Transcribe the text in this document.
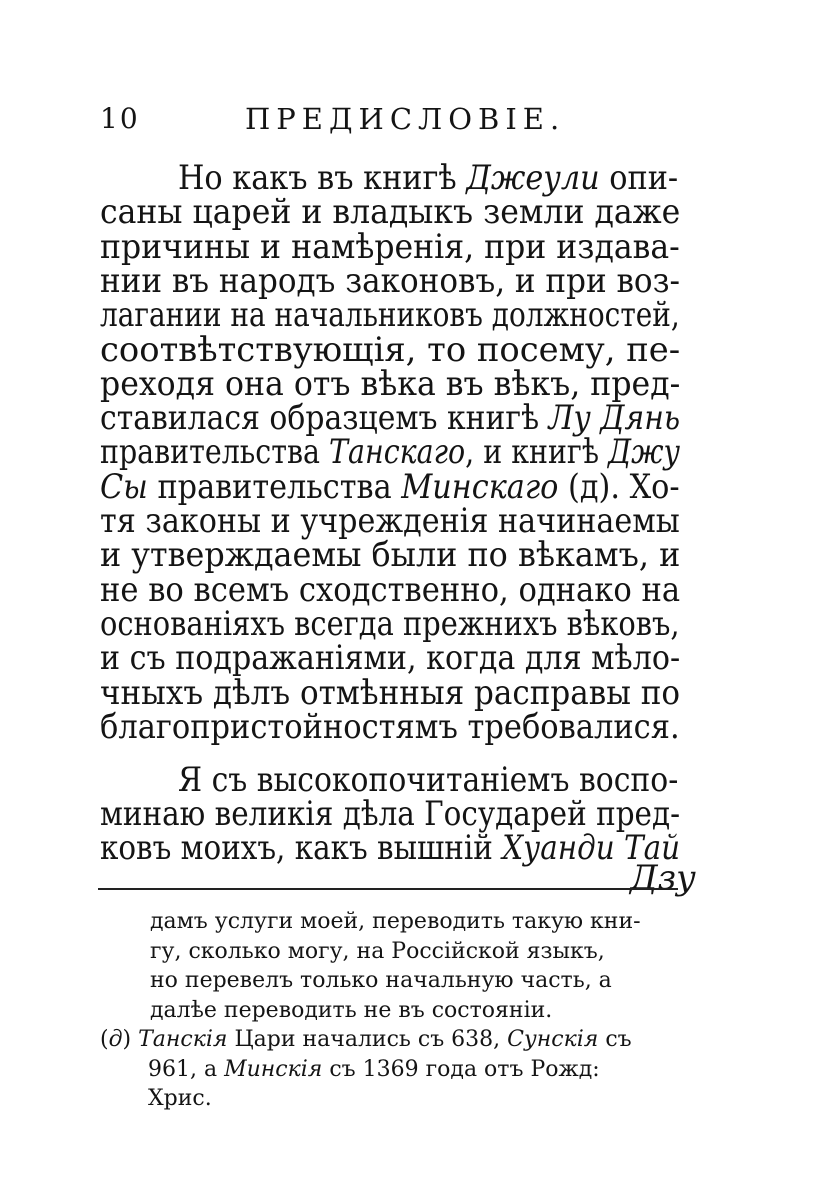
10	ПРЕДИСЛОВІЕ.
Но какъ въ книгѣ Джеули опи-
саны царей и владыкъ земли даже
причины и намѣренія, при издава-
нии въ народъ законовъ, и при воз-
лагании на начальниковъ должностей,
соотвѣтствующія, то посему, пе-
реходя она отъ вѣка въ вѣкъ, пред-
ставилася образцемъ книгѣ Лу Дянь
правительства Танскаго, и книгѣ Джу
Сы правительства Минскаго (д). Хо-
тя законы и учрежденія начинаемы
и утверждаемы были по вѣкамъ, и
не во всемъ сходственно, однако на
основаніяхъ всегда прежнихъ вѣковъ,
и съ подражаніями, когда для мѣло-
чныхъ дѣлъ отмѣнныя расправы по
благопристойностямъ требовалися.
Я съ высокопочитаніемъ воспо-
минаю великія дѣла Государей пред-
ковъ моихъ, какъ вышній Хуанди Тай
Дзу
дамъ услуги моей, переводить такую кни-
гу, сколько могу, на Россійской языкъ,
но перевелъ только начальную часть, а
далѣе переводить не въ состояніи.
(д) Танскія Цари начались съ 638, Сунскія съ
961, а Минскія съ 1369 года отъ Рожд:
Хрис.
